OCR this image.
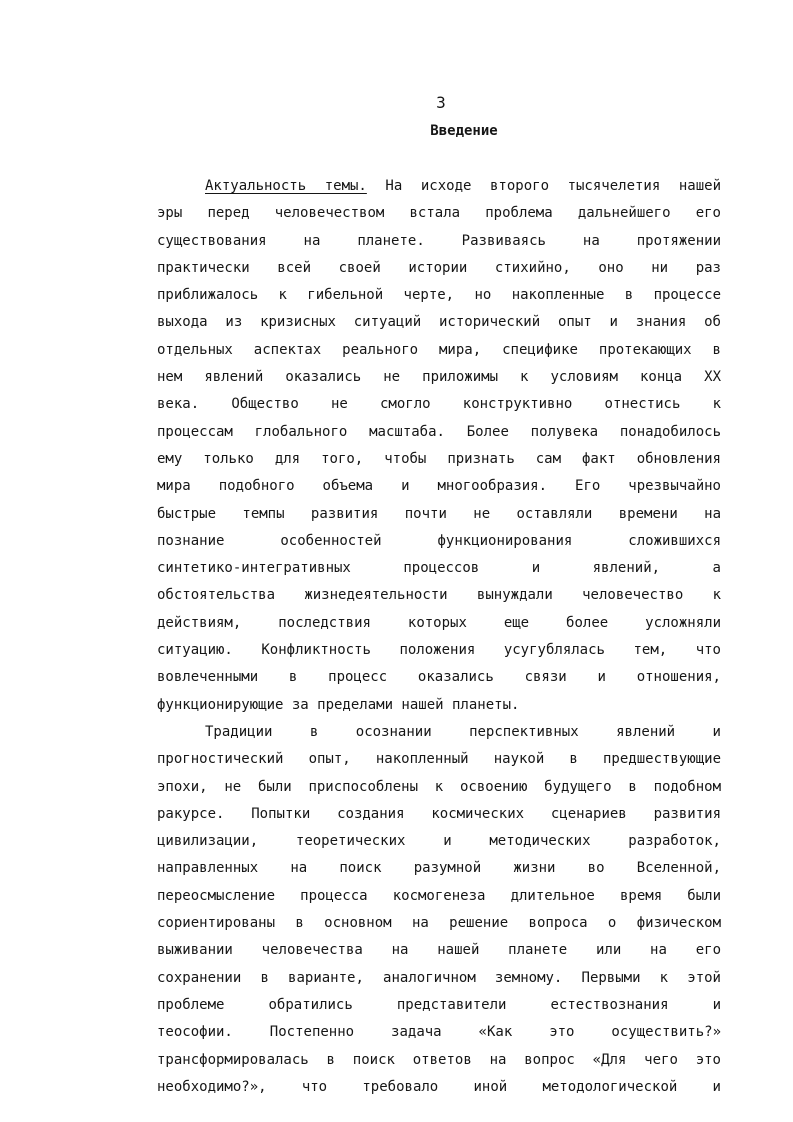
3
Введение
Актуальность темы. На исходе второго тысячелетия нашей
эры перед человечеством встала проблема дальнейшего его
существования на планете. Развиваясь на протяжении
практически всей своей истории стихийно, оно ни раз
приближалось к гибельной черте, но накопленные в процессе
выхода из кризисных ситуаций исторический опыт и знания об
отдельных аспектах реального мира, специфике протекающих в
нем явлений оказались не приложимы к условиям конца XX
века. Общество не смогло конструктивно отнестись к
процессам глобального масштаба. Более полувека понадобилось
ему только для того, чтобы признать сам факт обновления
мира подобного объема и многообразия. Его чрезвычайно
быстрые темпы развития почти не оставляли времени на
познание особенностей функционирования сложившихся
синтетико-интегративных процессов и явлений, а
обстоятельства жизнедеятельности вынуждали человечество к
действиям, последствия которых еще более усложняли
ситуацию. Конфликтность положения усугублялась тем, что
вовлеченными в процесс оказались связи и отношения,
функционирующие за пределами нашей планеты.
Традиции в осознании перспективных явлений и
прогностический опыт, накопленный наукой в предшествующие
эпохи, не были приспособлены к освоению будущего в подобном
ракурсе. Попытки создания космических сценариев развития
цивилизации, теоретических и методических разработок,
направленных на поиск разумной жизни во Вселенной,
переосмысление процесса космогенеза длительное время были
сориентированы в основном на решение вопроса о физическом
выживании человечества на нашей планете или на его
сохранении в варианте, аналогичном земному. Первыми к этой
проблеме обратились представители естествознания и
теософии. Постепенно задача «Как это осуществить?»
трансформировалась в поиск ответов на вопрос «Для чего это
необходимо?», что требовало иной методологической и
